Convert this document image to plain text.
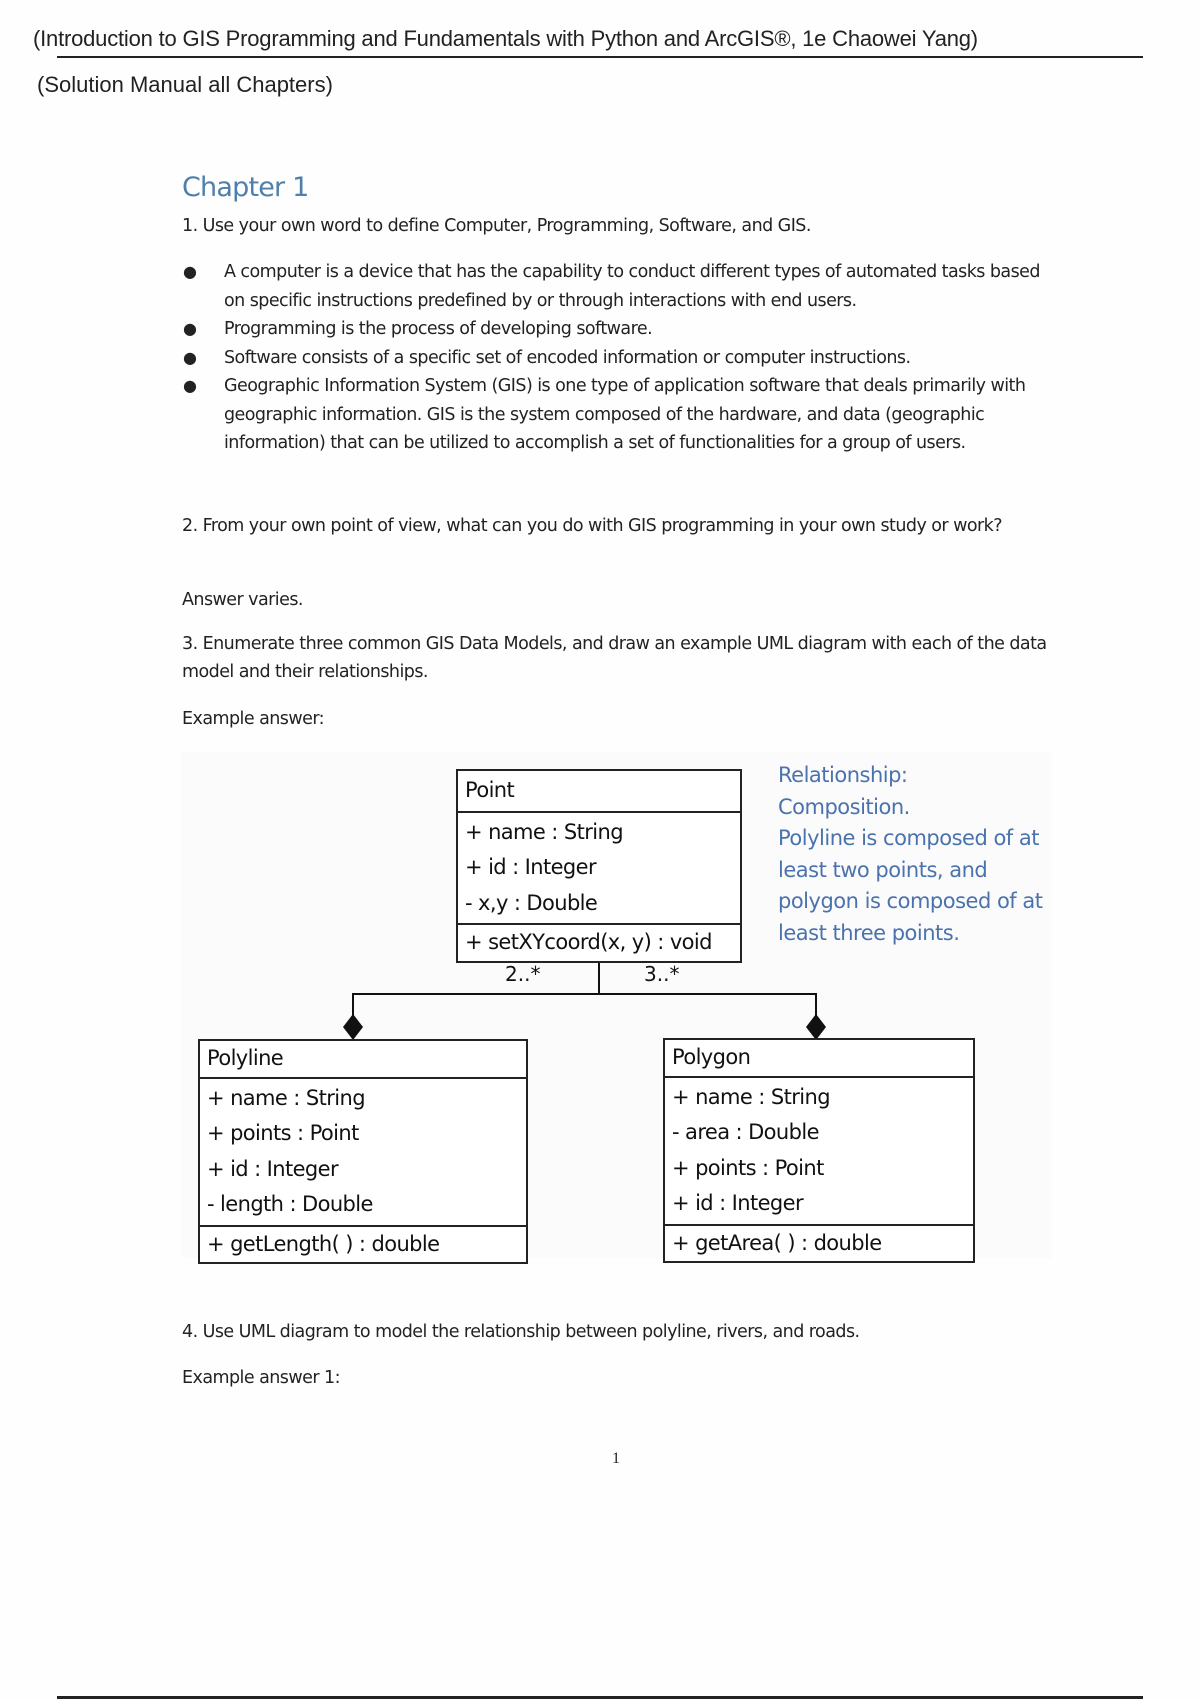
(Introduction to GIS Programming and Fundamentals with Python and ArcGIS®, 1e Chaowei Yang)
(Solution Manual all Chapters)
Chapter 1
1. Use your own word to define Computer, Programming, Software, and GIS.
● A computer is a device that has the capability to conduct different types of automated tasks based on specific instructions predefined by or through interactions with end users.
● Programming is the process of developing software.
● Software consists of a specific set of encoded information or computer instructions.
● Geographic Information System (GIS) is one type of application software that deals primarily with geographic information. GIS is the system composed of the hardware, and data (geographic information) that can be utilized to accomplish a set of functionalities for a group of users.
2. From your own point of view, what can you do with GIS programming in your own study or work?
Answer varies.
3. Enumerate three common GIS Data Models, and draw an example UML diagram with each of the data model and their relationships.
Example answer:
2..*	3..*
Point
+ name : String
+ id : Integer
- x,y : Double
+ setXYcoord(x, y) : void
Polyline
+ name : String
+ points : Point
+ id : Integer
- length : Double
+ getLength( ) : double
Polygon
+ name : String
- area : Double
+ points : Point
+ id : Integer
+ getArea( ) : double
Relationship:
Composition.
Polyline is composed of at
least two points, and
polygon is composed of at
least three points.
4. Use UML diagram to model the relationship between polyline, rivers, and roads.
Example answer 1:
1
